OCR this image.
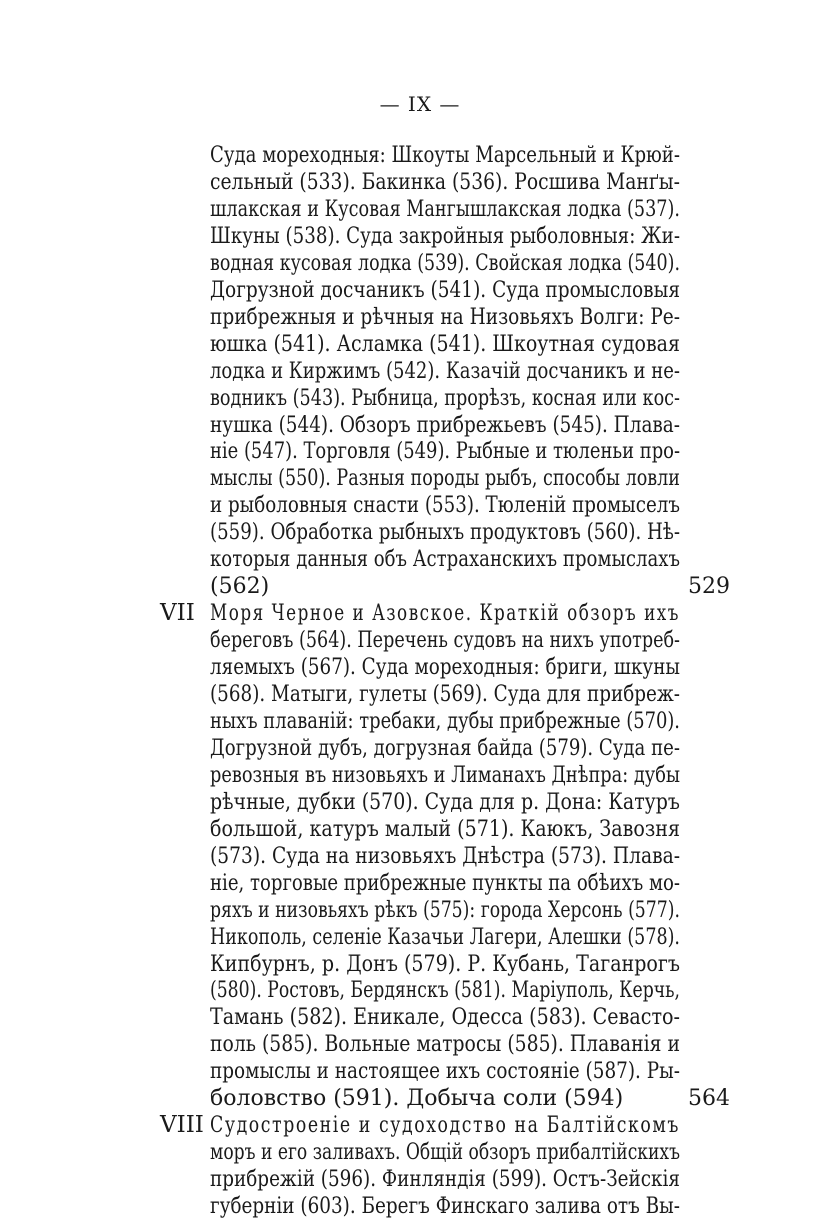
— IX —
Суда мореходныя: Шкоуты Марсельный и Крюй-
сельный (533). Бакинка (536). Росшива Манґы-
шлакская и Кусовая Мангышлакская лодка (537).
Шкуны (538). Суда закройныя рыболовныя: Жи-
водная кусовая лодка (539). Свойская лодка (540).
Догрузной досчаникъ (541). Суда промысловыя
прибрежныя и рѣчныя на Низовьяхъ Волги: Ре-
юшка (541). Асламка (541). Шкоутная судовая
лодка и Киржимъ (542). Казачій досчаникъ и не-
водникъ (543). Рыбница, прорѣзъ, косная или кос-
нушка (544). Обзоръ прибрежьевъ (545). Плава-
ніе (547). Торговля (549). Рыбные и тюленьи про-
мыслы (550). Разныя породы рыбъ, способы ловли
и рыболовныя снасти (553). Тюленій промыселъ
(559). Обработка рыбныхъ продуктовъ (560). Нѣ-
которыя данныя объ Астраханскихъ промыслахъ
(562)
Моря Черное и Азовское. Краткій обзоръ ихъ
береговъ (564). Перечень судовъ на нихъ употреб-
ляемыхъ (567). Суда мореходныя: бриги, шкуны
(568). Матыги, гулеты (569). Суда для прибреж-
ныхъ плаваній: требаки, дубы прибрежные (570).
Догрузной дубъ, догрузная байда (579). Суда пе-
ревозныя въ низовьяхъ и Лиманахъ Днѣпра: дубы
рѣчные, дубки (570). Суда для р. Дона: Катуръ
большой, катуръ малый (571). Каюкъ, Завозня
(573). Суда на низовьяхъ Днѣстра (573). Плава-
ніе, торговые прибрежные пункты па обѣихъ мо-
ряхъ и низовьяхъ рѣкъ (575): города Херсонь (577).
Никополь, селеніе Казачьи Лагери, Алешки (578).
Кипбурнъ, р. Донъ (579). Р. Кубань, Таганрогъ
(580). Ростовъ, Бердянскъ (581). Маріуполь, Керчь,
Тамань (582). Еникале, Одесса (583). Севасто-
поль (585). Вольные матросы (585). Плаванія и
промыслы и настоящее ихъ состояніе (587). Ры-
боловство (591). Добыча соли (594)
Судостроеніе и судоходство на Балтійскомъ
моръ и его заливахъ. Общій обзоръ прибалтійскихъ
прибрежій (596). Финляндія (599). Остъ-Зейскія
губерніи (603). Берегъ Финскаго залива отъ Вы-
VII
VIII
529
564
